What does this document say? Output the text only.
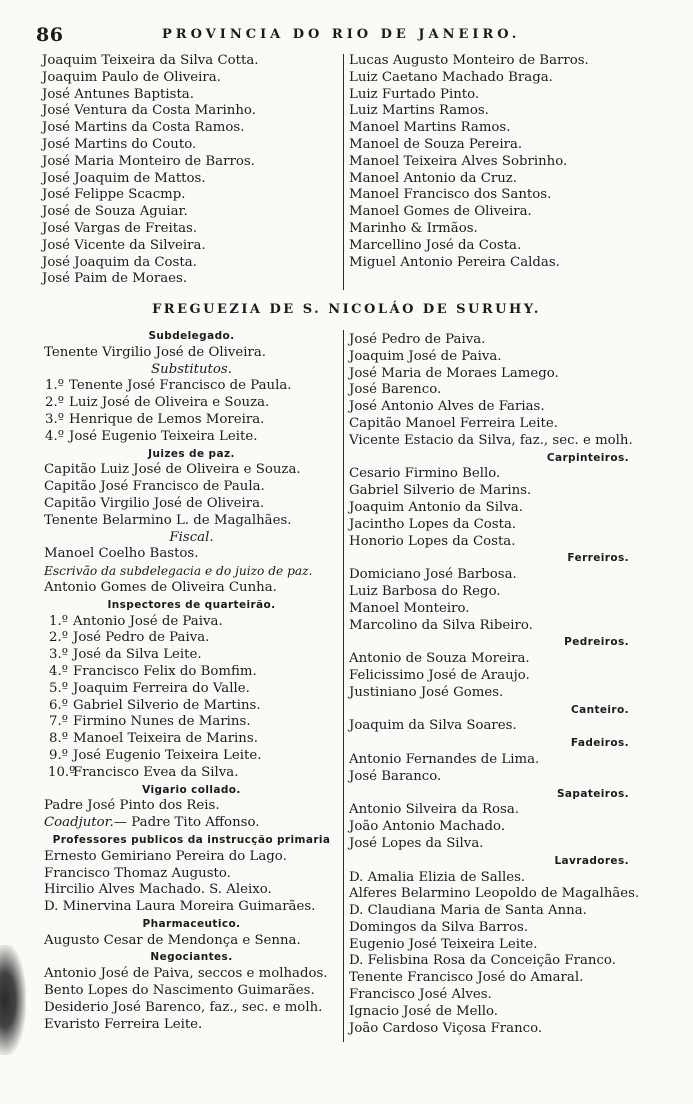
86	PROVINCIA DO RIO DE JANEIRO.
Joaquim Teixeira da Silva Cotta.
Joaquim Paulo de Oliveira.
José Antunes Baptista.
José Ventura da Costa Marinho.
José Martins da Costa Ramos.
José Martins do Couto.
José Maria Monteiro de Barros.
José Joaquim de Mattos.
José Felippe Scacmp.
José de Souza Aguiar.
José Vargas de Freitas.
José Vicente da Silveira.
José Joaquim da Costa.
José Paim de Moraes.
Lucas Augusto Monteiro de Barros.
Luiz Caetano Machado Braga.
Luiz Furtado Pinto.
Luiz Martins Ramos.
Manoel Martins Ramos.
Manoel de Souza Pereira.
Manoel Teixeira Alves Sobrinho.
Manoel Antonio da Cruz.
Manoel Francisco dos Santos.
Manoel Gomes de Oliveira.
Marinho & Irmãos.
Marcellino José da Costa.
Miguel Antonio Pereira Caldas.
FREGUEZIA DE S. NICOLÁO DE SURUHY.
Subdelegado.
Tenente Virgilio José de Oliveira.
Substitutos.
1.º Tenente José Francisco de Paula.
2.º Luiz José de Oliveira e Souza.
3.º Henrique de Lemos Moreira.
4.º José Eugenio Teixeira Leite.
Juizes de paz.
Capitão Luiz José de Oliveira e Souza.
Capitão José Francisco de Paula.
Capitão Virgilio José de Oliveira.
Tenente Belarmino L. de Magalhães.
Fiscal.
Manoel Coelho Bastos.
Escrivão da subdelegacia e do juizo de paz.
Antonio Gomes de Oliveira Cunha.
Inspectores de quarteirão.
1.º Antonio José de Paiva.
2.º José Pedro de Paiva.
3.º José da Silva Leite.
4.º Francisco Felix do Bomfim.
5.º Joaquim Ferreira do Valle.
6.º Gabriel Silverio de Martins.
7.º Firmino Nunes de Marins.
8.º Manoel Teixeira de Marins.
9.º José Eugenio Teixeira Leite.
10.ºFrancisco Evea da Silva.
Vigario collado.
Padre José Pinto dos Reis.
Coadjutor.— Padre Tito Affonso.
Professores publicos da instrucção primaria
Ernesto Gemiriano Pereira do Lago.
Francisco Thomaz Augusto.
Hircilio Alves Machado. S. Aleixo.
D. Minervina Laura Moreira Guimarães.
Pharmaceutico.
Augusto Cesar de Mendonça e Senna.
Negociantes.
Antonio José de Paiva, seccos e molhados.
Bento Lopes do Nascimento Guimarães.
Desiderio José Barenco, faz., sec. e molh.
Evaristo Ferreira Leite.
José Pedro de Paiva.
Joaquim José de Paiva.
José Maria de Moraes Lamego.
José Barenco.
José Antonio Alves de Farias.
Capitão Manoel Ferreira Leite.
Vicente Estacio da Silva, faz., sec. e molh.
Carpinteiros.
Cesario Firmino Bello.
Gabriel Silverio de Marins.
Joaquim Antonio da Silva.
Jacintho Lopes da Costa.
Honorio Lopes da Costa.
Ferreiros.
Domiciano José Barbosa.
Luiz Barbosa do Rego.
Manoel Monteiro.
Marcolino da Silva Ribeiro.
Pedreiros.
Antonio de Souza Moreira.
Felicissimo José de Araujo.
Justiniano José Gomes.
Canteiro.
Joaquim da Silva Soares.
Fadeiros.
Antonio Fernandes de Lima.
José Baranco.
Sapateiros.
Antonio Silveira da Rosa.
João Antonio Machado.
José Lopes da Silva.
Lavradores.
D. Amalia Elizia de Salles.
Alferes Belarmino Leopoldo de Magalhães.
D. Claudiana Maria de Santa Anna.
Domingos da Silva Barros.
Eugenio José Teixeira Leite.
D. Felisbina Rosa da Conceição Franco.
Tenente Francisco José do Amaral.
Francisco José Alves.
Ignacio José de Mello.
João Cardoso Viçosa Franco.
